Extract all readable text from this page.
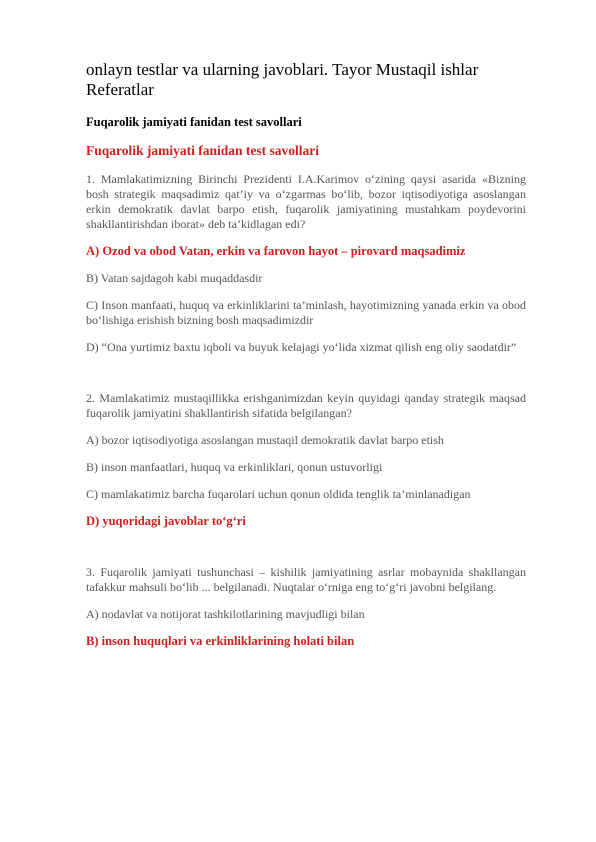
onlayn testlar va ularning javoblari. Tayor Mustaqil ishlar Referatlar
Fuqarolik jamiyati fanidan test savollari
Fuqarolik jamiyati fanidan test savollari

1. Mamlakatimizning Birinchi Prezidenti I.A.Karimov o‘zining qaysi asarida «Bizning bosh strategik maqsadimiz qat’iy va o‘zgarmas bo‘lib, bozor iqtisodiyotiga asoslangan erkin demokratik davlat barpo etish, fuqarolik jamiyatining mustahkam poydevorini shakllantirishdan iborat» deb ta’kidlagan edi?

A) Ozod va obod Vatan, erkin va farovon hayot – pirovard maqsadimiz

B) Vatan sajdagoh kabi muqaddasdir

C) Inson manfaati, huquq va erkinliklarini ta’minlash, hayotimizning yanada erkin va obod bo‘lishiga erishish bizning bosh maqsadimizdir

D) “Ona yurtimiz baxtu iqboli va buyuk kelajagi yo‘lida xizmat qilish eng oliy saodatdir”

2. Mamlakatimiz mustaqillikka erishganimizdan keyin quyidagi qanday strategik maqsad fuqarolik jamiyatini shakllantirish sifatida belgilangan?

A) bozor iqtisodiyotiga asoslangan mustaqil demokratik davlat barpo etish

B) inson manfaatlari, huquq va erkinliklari, qonun ustuvorligi

C) mamlakatimiz barcha fuqarolari uchun qonun oldida tenglik ta’minlanadigan

D) yuqoridagi javoblar to‘g‘ri

3. Fuqarolik jamiyati tushunchasi – kishilik jamiyatining asrlar mobaynida shakllangan tafakkur mahsuli bo‘lib ... belgilanadi. Nuqtalar o‘rniga eng to‘g‘ri javobni belgilang.

A) nodavlat va notijorat tashkilotlarining mavjudligi bilan

B) inson huquqlari va erkinliklarining holati bilan
